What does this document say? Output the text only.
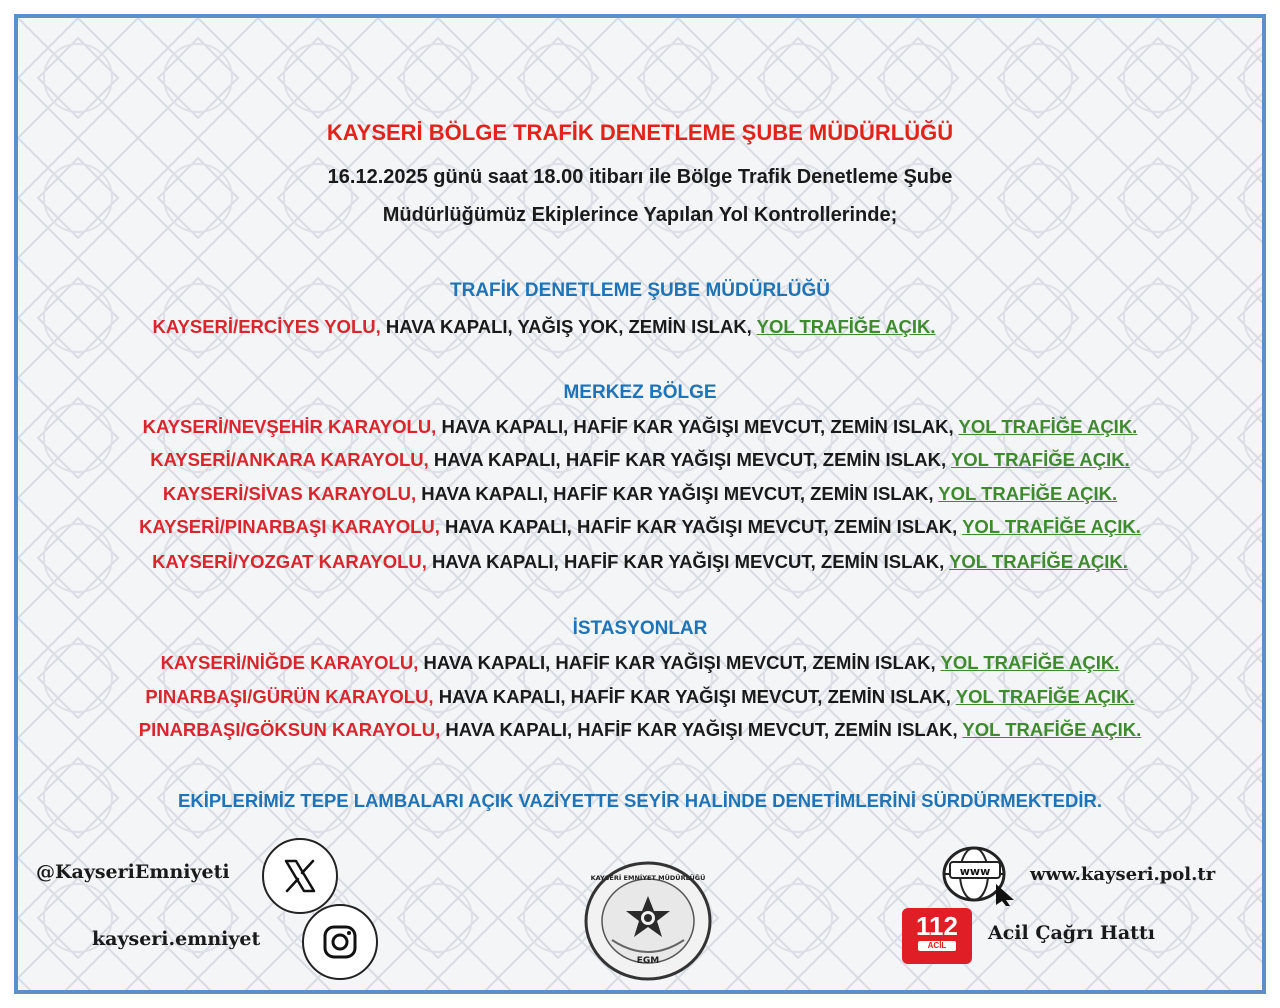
KAYSERİ BÖLGE TRAFİK DENETLEME ŞUBE MÜDÜRLÜĞÜ
16.12.2025 günü saat 18.00 itibarı ile Bölge Trafik Denetleme Şube
Müdürlüğümüz Ekiplerince Yapılan Yol Kontrollerinde;
TRAFİK DENETLEME ŞUBE MÜDÜRLÜĞÜ
KAYSERİ/ERCİYES YOLU, HAVA KAPALI, YAĞIŞ YOK, ZEMİN ISLAK, YOL TRAFİĞE AÇIK.
MERKEZ BÖLGE
KAYSERİ/NEVŞEHİR KARAYOLU, HAVA KAPALI, HAFİF KAR YAĞIŞI MEVCUT, ZEMİN ISLAK, YOL TRAFİĞE AÇIK.
KAYSERİ/ANKARA KARAYOLU, HAVA KAPALI, HAFİF KAR YAĞIŞI MEVCUT, ZEMİN ISLAK, YOL TRAFİĞE AÇIK.
KAYSERİ/SİVAS KARAYOLU, HAVA KAPALI, HAFİF KAR YAĞIŞI MEVCUT, ZEMİN ISLAK, YOL TRAFİĞE AÇIK.
KAYSERİ/PINARBAŞI KARAYOLU, HAVA KAPALI, HAFİF KAR YAĞIŞI MEVCUT, ZEMİN ISLAK, YOL TRAFİĞE AÇIK.
KAYSERİ/YOZGAT KARAYOLU, HAVA KAPALI, HAFİF KAR YAĞIŞI MEVCUT, ZEMİN ISLAK, YOL TRAFİĞE AÇIK.
İSTASYONLAR
KAYSERİ/NİĞDE KARAYOLU, HAVA KAPALI, HAFİF KAR YAĞIŞI MEVCUT, ZEMİN ISLAK, YOL TRAFİĞE AÇIK.
PINARBAŞI/GÜRÜN KARAYOLU, HAVA KAPALI, HAFİF KAR YAĞIŞI MEVCUT, ZEMİN ISLAK, YOL TRAFİĞE AÇIK.
PINARBAŞI/GÖKSUN KARAYOLU, HAVA KAPALI, HAFİF KAR YAĞIŞI MEVCUT, ZEMİN ISLAK, YOL TRAFİĞE AÇIK.
EKİPLERİMİZ TEPE LAMBALARI AÇIK VAZİYETTE SEYİR HALİNDE DENETİMLERİNİ SÜRDÜRMEKTEDİR.
@KayseriEmniyeti
kayseri.emniyet
EGM
KAYSERİ EMNİYET MÜDÜRLÜĞÜ	www www.kayseri.pol.tr
112
ACİL
Acil Çağrı Hattı
